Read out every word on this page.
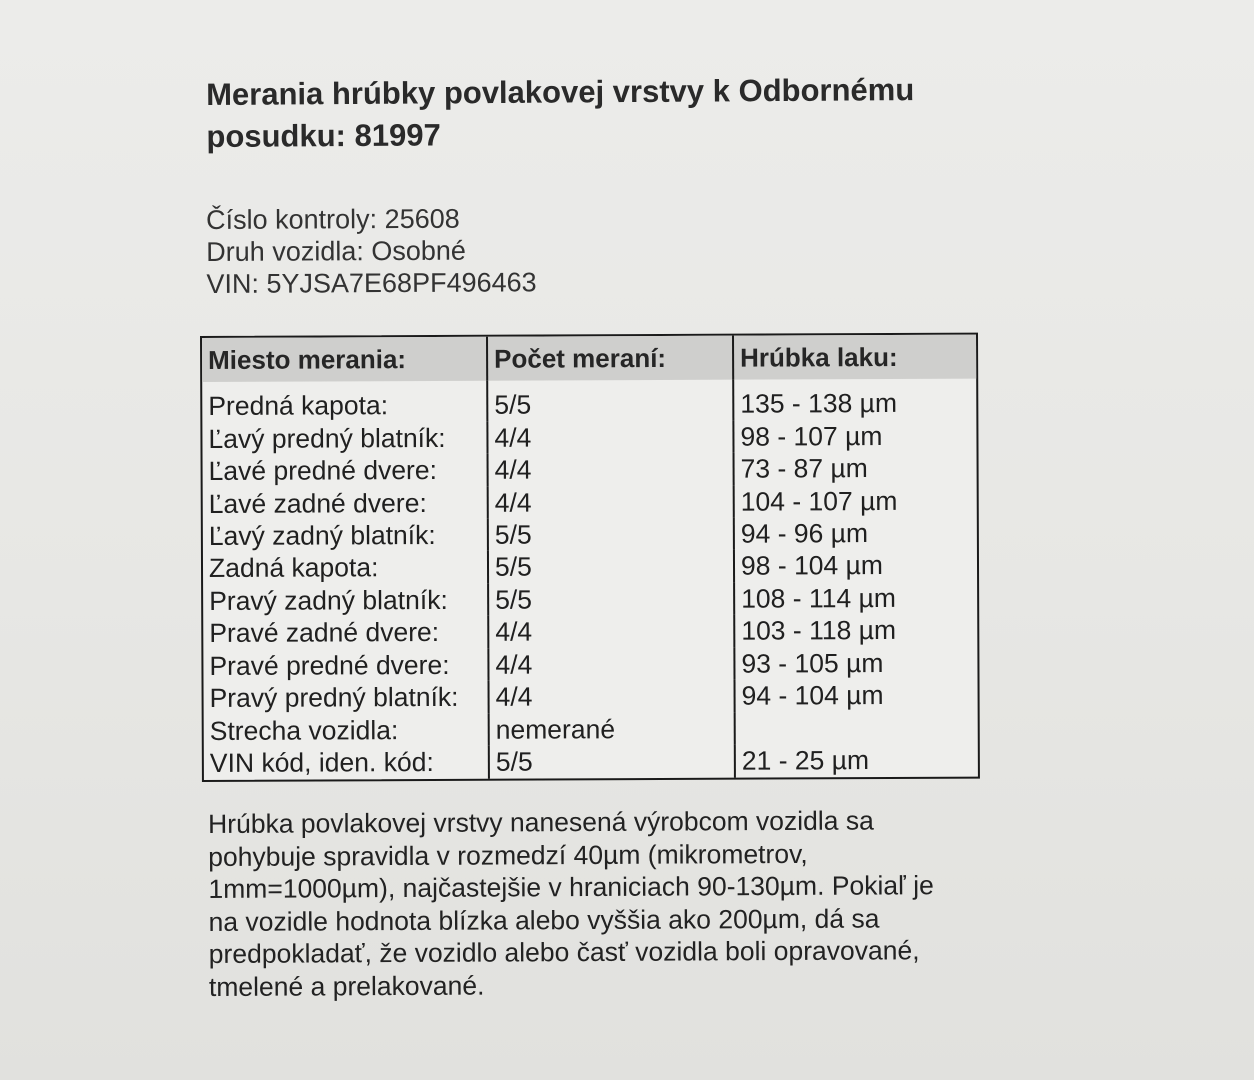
Merania hrúbky povlakovej vrstvy k Odbornému
posudku: 81997
Číslo kontroly: 25608
Druh vozidla: Osobné
VIN: 5YJSA7E68PF496463
Miesto merania:	Počet meraní:	Hrúbka laku:
Predná kapota:	5/5	135 - 138 µm
Ľavý predný blatník:	4/4	98 - 107 µm
Ľavé predné dvere:	4/4	73 - 87 µm
Ľavé zadné dvere:	4/4	104 - 107 µm
Ľavý zadný blatník:	5/5	94 - 96 µm
Zadná kapota:	5/5	98 - 104 µm
Pravý zadný blatník:	5/5	108 - 114 µm
Pravé zadné dvere:	4/4	103 - 118 µm
Pravé predné dvere:	4/4	93 - 105 µm
Pravý predný blatník:	4/4	94 - 104 µm
Strecha vozidla:	nemerané	
VIN kód, iden. kód:	5/5	21 - 25 µm

Hrúbka povlakovej vrstvy nanesená výrobcom vozidla sa
pohybuje spravidla v rozmedzí 40µm (mikrometrov,
1mm=1000µm), najčastejšie v hraniciach 90-130µm. Pokiaľ je
na vozidle hodnota blízka alebo vyššia ako 200µm, dá sa
predpokladať, že vozidlo alebo časť vozidla boli opravované,
tmelené a prelakované.
